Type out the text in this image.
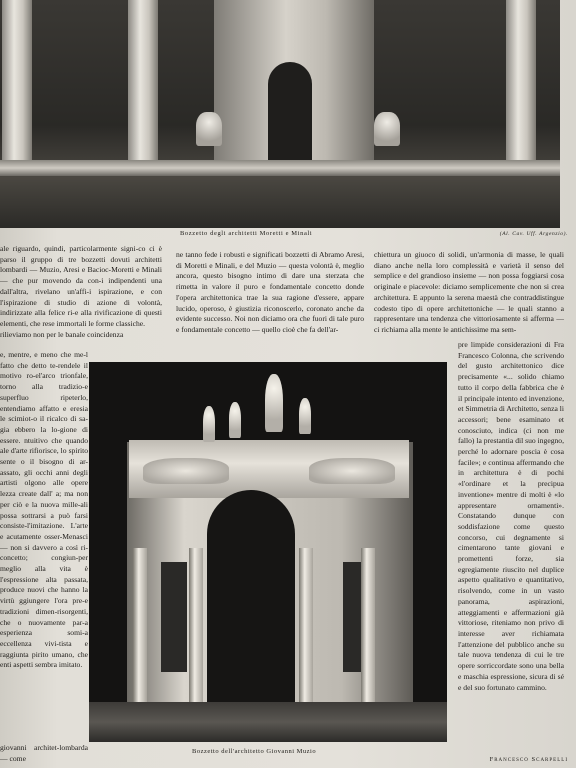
Bozzetto degli architetti Moretti e Minali	(Al. Cav. Uff. Argenzio).

ale riguardo, quindi, particolarmente signi-co ci è parso il gruppo di tre bozzetti dovuti architetti lombardi — Muzio, Aresi e Bacioc-Moretti e Minali — che pur movendo da con-i indipendenti una dall'altra, rivelano un'affi-i ispirazione, e con l'ispirazione di studio di azione di volontà, indirizzate alla felice ri-e alla rivificazione di questi elementi, che rese immortali le forme classiche.

rilieviamo non per le banale coincidenza

ne tanno fede i robusti e significati bozzetti di Abramo Aresi, di Moretti e Minali, e del Muzio — questa volontà è, meglio ancora, questo bisogno intimo di dare una sterzata che rimetta in valore il puro e fondamentale concetto donde l'opera architettonica trae la sua ragione d'essere, appare lucido, operoso, è giustizia riconoscerlo, coronato anche da evidente successo. Noi non diciamo ora che fuori di tale puro e fondamentale concetto — quello cioè che fa dell'ar-

chiettura un giuoco di solidi, un'armonia di masse, le quali diano anche nella loro complessità e varietà il senso del semplice e del grandioso insieme — non possa foggiarsi cosa originale e piacevole: diciamo semplicemente che non si crea architettura. E appunto la serena maestà che contraddistingue codesto tipo di opere architettoniche — le quali stanno a rappresentare una tendenza che vittoriosamente si afferma — ci richiama alla mente le antichissime ma sem-

e, mentre, e meno che me-l fatto che detto te-rendele il motivo ro-el'arco trionfale, torno alla tradizio-e superfluo ripeterlo, entendiamo affatto e eresia le scimiot-o il ricalco di sa-gia ebbero la lo-gione di essere. ntuitivo che quando ale d'arte rifiorisce, lo spirito sente o il bisogno di ar-assato, gli occhi anni degli artisti olgono alle opere lezza create dall' a; ma non per ciò e la nuova mille-ali possa sottrarsi a può farsi consiste-l'imitazione. L'arte e acutamente osser-Menasci — non si davvero a così ri-concetto; congiun-per meglio alla vita è l'espressione alta passata, produce nuovi che hanno la virtù ggiungere l'ora pre-e tradizioni dimen-risorgenti, che o nuovamente par-a esperienza somi-a eccellenza vivi-tista e raggiunta pirito umano, che enti aspetti sembra imitato.

giovanni architet-lombarda — come

pre limpide considerazioni di Fra Francesco Colonna, che scrivendo del gusto architettonico dice precisamente «... solido chiamo tutto il corpo della fabbrica che è il principale intento ed invenzione, et Simmetria di Architetto, senza li accessori; bene esaminato et conosciuto, indica (ci non me fallo) la prestantia dil suo ingegno, perché lo adornare poscia è cosa facile»; e continua affermando che in architettura è di pochi «l'ordinare et la precipua inventione» mentre di molti è «lo appresentare ornamenti». Constatando dunque con soddisfazione come questo concorso, cui degnamente si cimentarono tante giovani e promettenti forze, sia egregiamente riuscito nel duplice aspetto qualitativo e quantitativo, risolvendo, come in un vasto panorama, aspirazioni, atteggiamenti e affermazioni già vittoriose, riteniamo non privo di interesse aver richiamata l'attenzione del pubblico anche su tale nuova tendenza di cui le tre opere sorriccordate sono una bella e maschia espressione, sicura di sé e del suo fortunato cammino.

Bozzetto dell'architetto Giovanni Muzio
Francesco Scarpelli
